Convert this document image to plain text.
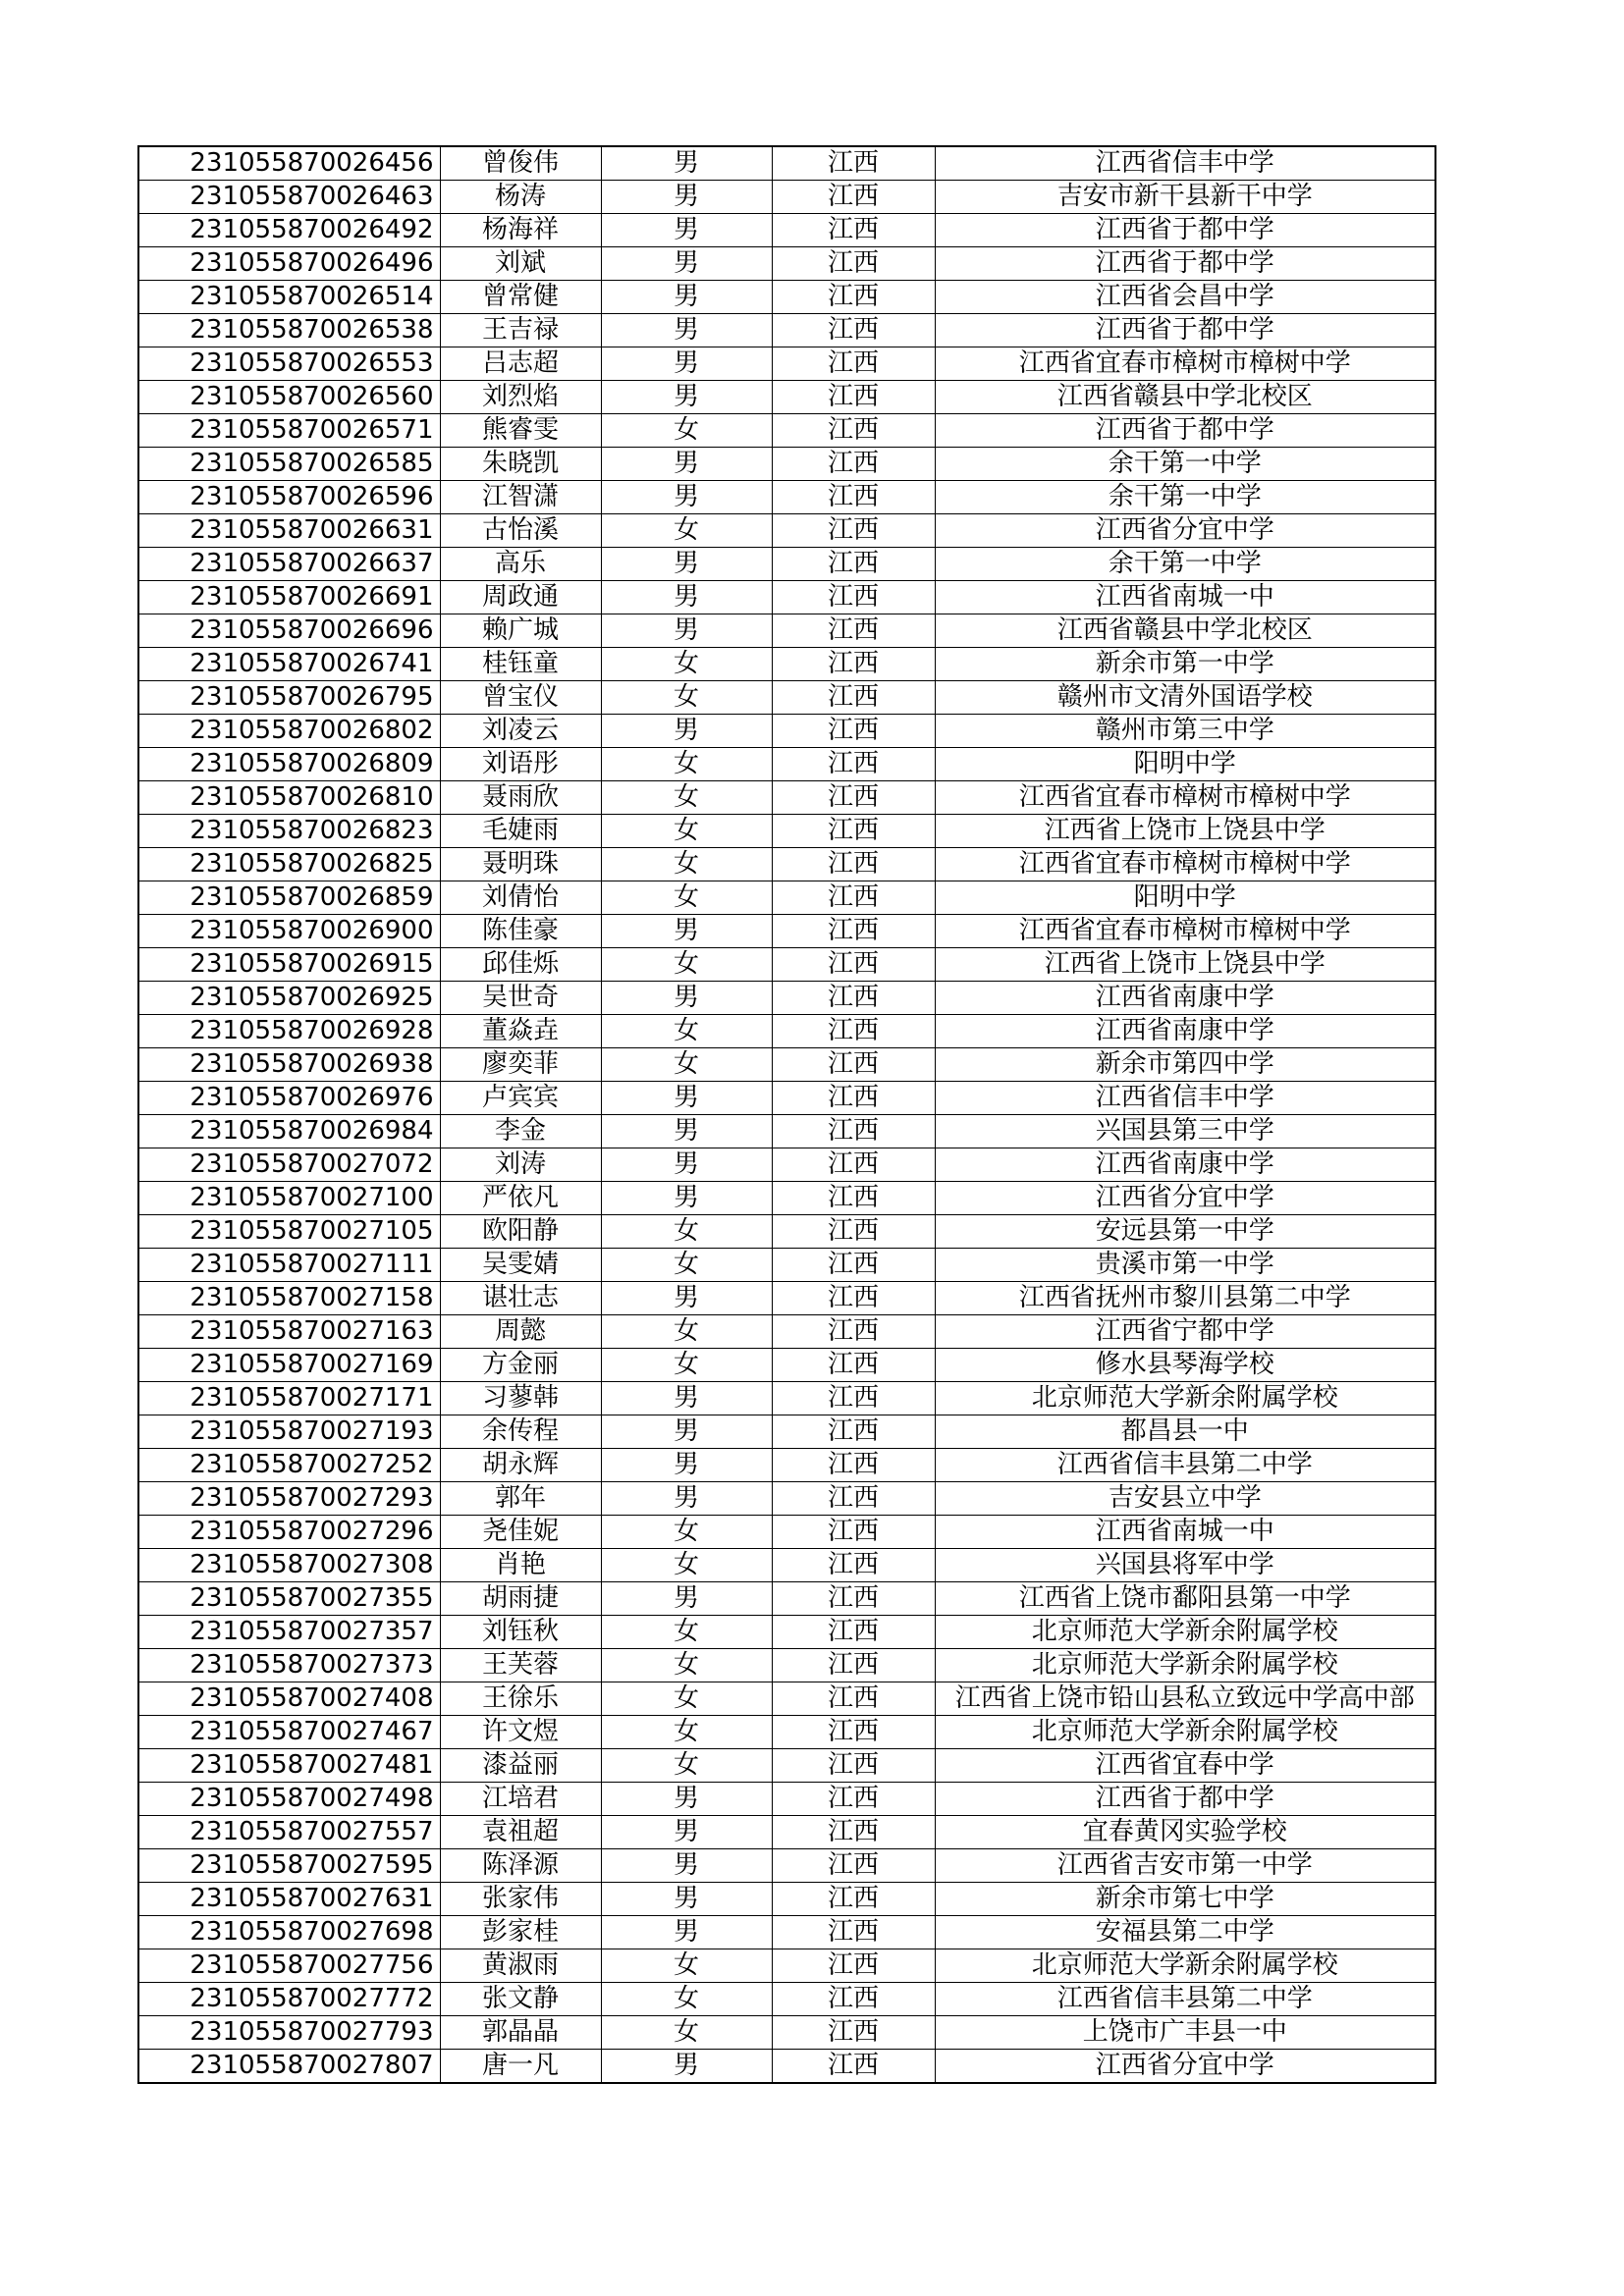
231055870026456	曾俊伟	男	江西	江西省信丰中学
231055870026463	杨涛	男	江西	吉安市新干县新干中学
231055870026492	杨海祥	男	江西	江西省于都中学
231055870026496	刘斌	男	江西	江西省于都中学
231055870026514	曾常健	男	江西	江西省会昌中学
231055870026538	王吉禄	男	江西	江西省于都中学
231055870026553	吕志超	男	江西	江西省宜春市樟树市樟树中学
231055870026560	刘烈焰	男	江西	江西省赣县中学北校区
231055870026571	熊睿雯	女	江西	江西省于都中学
231055870026585	朱晓凯	男	江西	余干第一中学
231055870026596	江智潇	男	江西	余干第一中学
231055870026631	古怡溪	女	江西	江西省分宜中学
231055870026637	高乐	男	江西	余干第一中学
231055870026691	周政通	男	江西	江西省南城一中
231055870026696	赖广城	男	江西	江西省赣县中学北校区
231055870026741	桂钰童	女	江西	新余市第一中学
231055870026795	曾宝仪	女	江西	赣州市文清外国语学校
231055870026802	刘凌云	男	江西	赣州市第三中学
231055870026809	刘语彤	女	江西	阳明中学
231055870026810	聂雨欣	女	江西	江西省宜春市樟树市樟树中学
231055870026823	毛婕雨	女	江西	江西省上饶市上饶县中学
231055870026825	聂明珠	女	江西	江西省宜春市樟树市樟树中学
231055870026859	刘倩怡	女	江西	阳明中学
231055870026900	陈佳豪	男	江西	江西省宜春市樟树市樟树中学
231055870026915	邱佳烁	女	江西	江西省上饶市上饶县中学
231055870026925	吴世奇	男	江西	江西省南康中学
231055870026928	董焱垚	女	江西	江西省南康中学
231055870026938	廖奕菲	女	江西	新余市第四中学
231055870026976	卢宾宾	男	江西	江西省信丰中学
231055870026984	李金	男	江西	兴国县第三中学
231055870027072	刘涛	男	江西	江西省南康中学
231055870027100	严依凡	男	江西	江西省分宜中学
231055870027105	欧阳静	女	江西	安远县第一中学
231055870027111	吴雯婧	女	江西	贵溪市第一中学
231055870027158	谌壮志	男	江西	江西省抚州市黎川县第二中学
231055870027163	周懿	女	江西	江西省宁都中学
231055870027169	方金丽	女	江西	修水县琴海学校
231055870027171	习蓼韩	男	江西	北京师范大学新余附属学校
231055870027193	余传程	男	江西	都昌县一中
231055870027252	胡永辉	男	江西	江西省信丰县第二中学
231055870027293	郭年	男	江西	吉安县立中学
231055870027296	尧佳妮	女	江西	江西省南城一中
231055870027308	肖艳	女	江西	兴国县将军中学
231055870027355	胡雨捷	男	江西	江西省上饶市鄱阳县第一中学
231055870027357	刘钰秋	女	江西	北京师范大学新余附属学校
231055870027373	王芙蓉	女	江西	北京师范大学新余附属学校
231055870027408	王徐乐	女	江西	江西省上饶市铅山县私立致远中学高中部
231055870027467	许文煜	女	江西	北京师范大学新余附属学校
231055870027481	漆益丽	女	江西	江西省宜春中学
231055870027498	江培君	男	江西	江西省于都中学
231055870027557	袁祖超	男	江西	宜春黄冈实验学校
231055870027595	陈泽源	男	江西	江西省吉安市第一中学
231055870027631	张家伟	男	江西	新余市第七中学
231055870027698	彭家桂	男	江西	安福县第二中学
231055870027756	黄淑雨	女	江西	北京师范大学新余附属学校
231055870027772	张文静	女	江西	江西省信丰县第二中学
231055870027793	郭晶晶	女	江西	上饶市广丰县一中
231055870027807	唐一凡	男	江西	江西省分宜中学
